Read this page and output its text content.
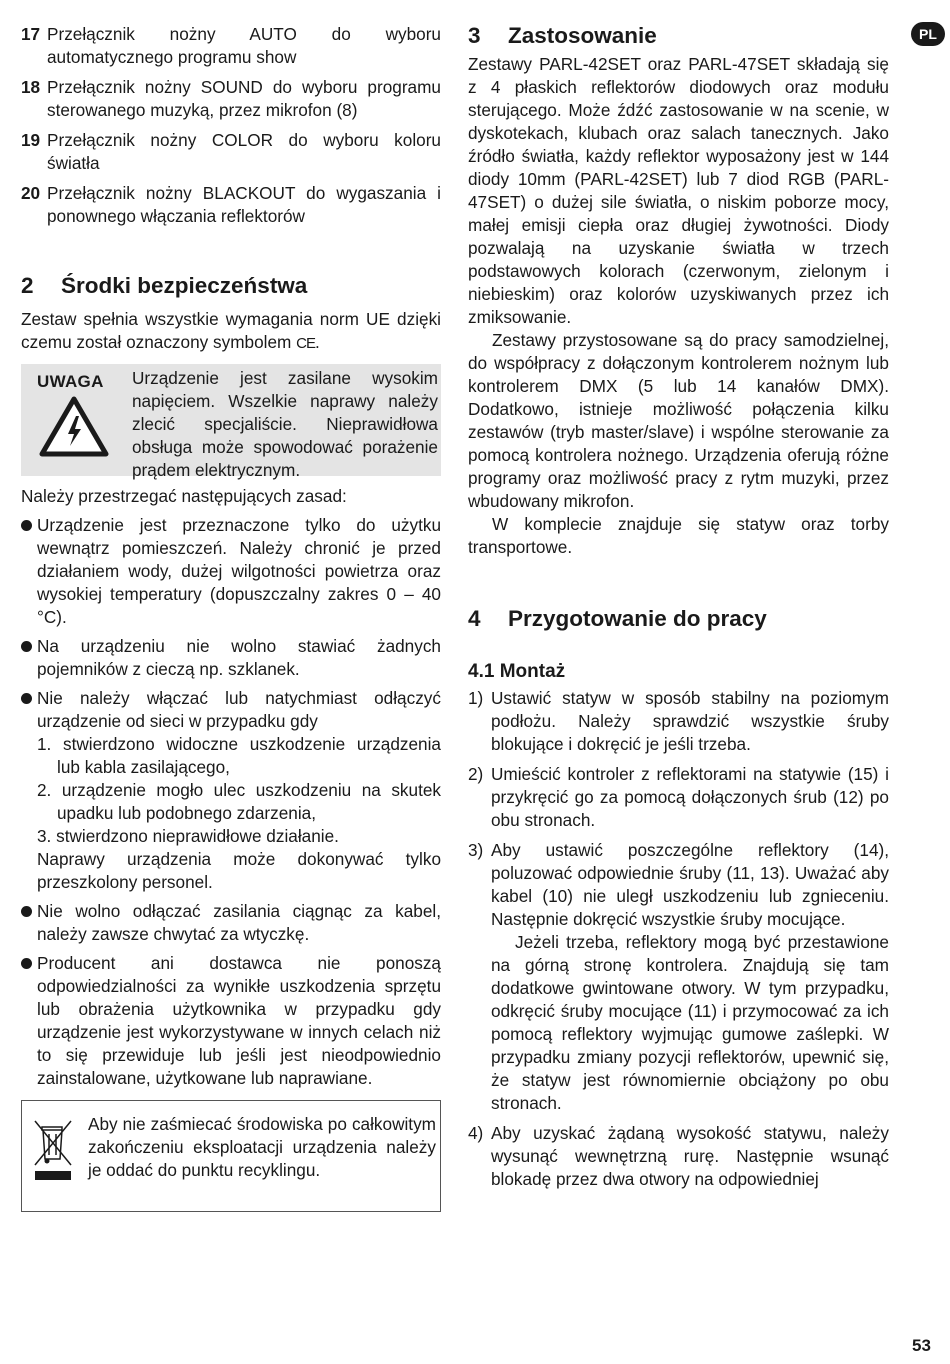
17 Przełącznik nożny AUTO do wyboru automatycznego programu show
18 Przełącznik nożny SOUND do wyboru programu sterowanego muzyką, przez mikrofon (8)
19 Przełącznik nożny COLOR do wyboru koloru światła
20 Przełącznik nożny BLACKOUT do wygaszania i ponownego włączania reflektorów
2 Środki bezpieczeństwa

Zestaw spełnia wszystkie wymagania norm UE dzięki czemu został oznaczony symbolem CE.

UWAGA Urządzenie jest zasilane wysokim napięciem. Wszelkie naprawy należy zlecić specjaliście. Nieprawidłowa obsługa może spowodować porażenie prądem elektrycznym.

Należy przestrzegać następujących zasad:

Urządzenie jest przeznaczone tylko do użytku wewnątrz pomieszczeń. Należy chronić je przed działaniem wody, dużej wilgotności powietrza oraz wysokiej temperatury (dopuszczalny zakres 0 – 40 °C).
Na urządzeniu nie wolno stawiać żadnych pojemników z cieczą np. szklanek.
Nie należy włączać lub natychmiast odłączyć urządzenie od sieci w przypadku gdy
1. stwierdzono widoczne uszkodzenie urządzenia lub kabla zasilającego,
2. urządzenie mogło ulec uszkodzeniu na skutek upadku lub podobnego zdarzenia,
3. stwierdzono nieprawidłowe działanie.
Naprawy urządzenia może dokonywać tylko przeszkolony personel.
Nie wolno odłączać zasilania ciągnąc za kabel, należy zawsze chwytać za wtyczkę.
Producent ani dostawca nie ponoszą odpowiedzialności za wynikłe uszkodzenia sprzętu lub obrażenia użytkownika w przypadku gdy urządzenie jest wykorzystywane w innych celach niż to się przewiduje lub jeśli jest nieodpowiednio zainstalowane, użytkowane lub naprawiane.
Aby nie zaśmiecać środowiska po całkowitym zakończeniu eksploatacji urządzenia należy je oddać do punktu recyklingu.
3 Zastosowanie

Zestawy PARL-42SET oraz PARL-47SET składają się z 4 płaskich reflektorów diodowych oraz modułu sterującego. Może źdźć zastosowanie w na scenie, w dyskotekach, klubach oraz salach tanecznych. Jako źródło światła, każdy reflektor wyposażony jest w 144 diody 10mm (PARL-42SET) lub 7 diod RGB (PARL-47SET) o dużej sile światła, o niskim poborze mocy, małej emisji ciepła oraz długiej żywotności. Diody pozwalają na uzyskanie światła w trzech podstawowych kolorach (czerwonym, zielonym i niebieskim) oraz kolorów uzyskiwanych przez ich zmiksowanie.

Zestawy przystosowane są do pracy samodzielnej, do współpracy z dołączonym kontrolerem nożnym lub kontrolerem DMX (5 lub 14 kanałów DMX). Dodatkowo, istnieje możliwość połączenia kilku zestawów (tryb master/slave) i wspólne sterowanie za pomocą kontrolera nożnego. Urządzenia oferują różne programy oraz możliwość pracy z rytm muzyki, przez wbudowany mikrofon.

W komplecie znajduje się statyw oraz torby transportowe.

4 Przygotowanie do pracy
4.1 Montaż
1) Ustawić statyw w sposób stabilny na poziomym podłożu. Należy sprawdzić wszystkie śruby blokujące i dokręcić je jeśli trzeba.
2) Umieścić kontroler z reflektorami na statywie (15) i przykręcić go za pomocą dołączonych śrub (12) po obu stronach.
3) Aby ustawić poszczególne reflektory (14), poluzować odpowiednie śruby (11, 13). Uważać aby kabel (10) nie uległ uszkodzeniu lub zgnieceniu. Następnie dokręcić wszystkie śruby mocujące.
Jeżeli trzeba, reflektory mogą być przestawione na górną stronę kontrolera. Znajdują się tam dodatkowe gwintowane otwory. W tym przypadku, odkręcić śruby mocujące (11) i przymocować za ich pomocą reflektory wyjmując gumowe zaślepki. W przypadku zmiany pozycji reflektorów, upewnić się, że statyw jest równomiernie obciążony po obu stronach.
4) Aby uzyskać żądaną wysokość statywu, należy wysunąć wewnętrzną rurę. Następnie wsunąć blokadę przez dwa otwory na odpowiedniej
PL
53
